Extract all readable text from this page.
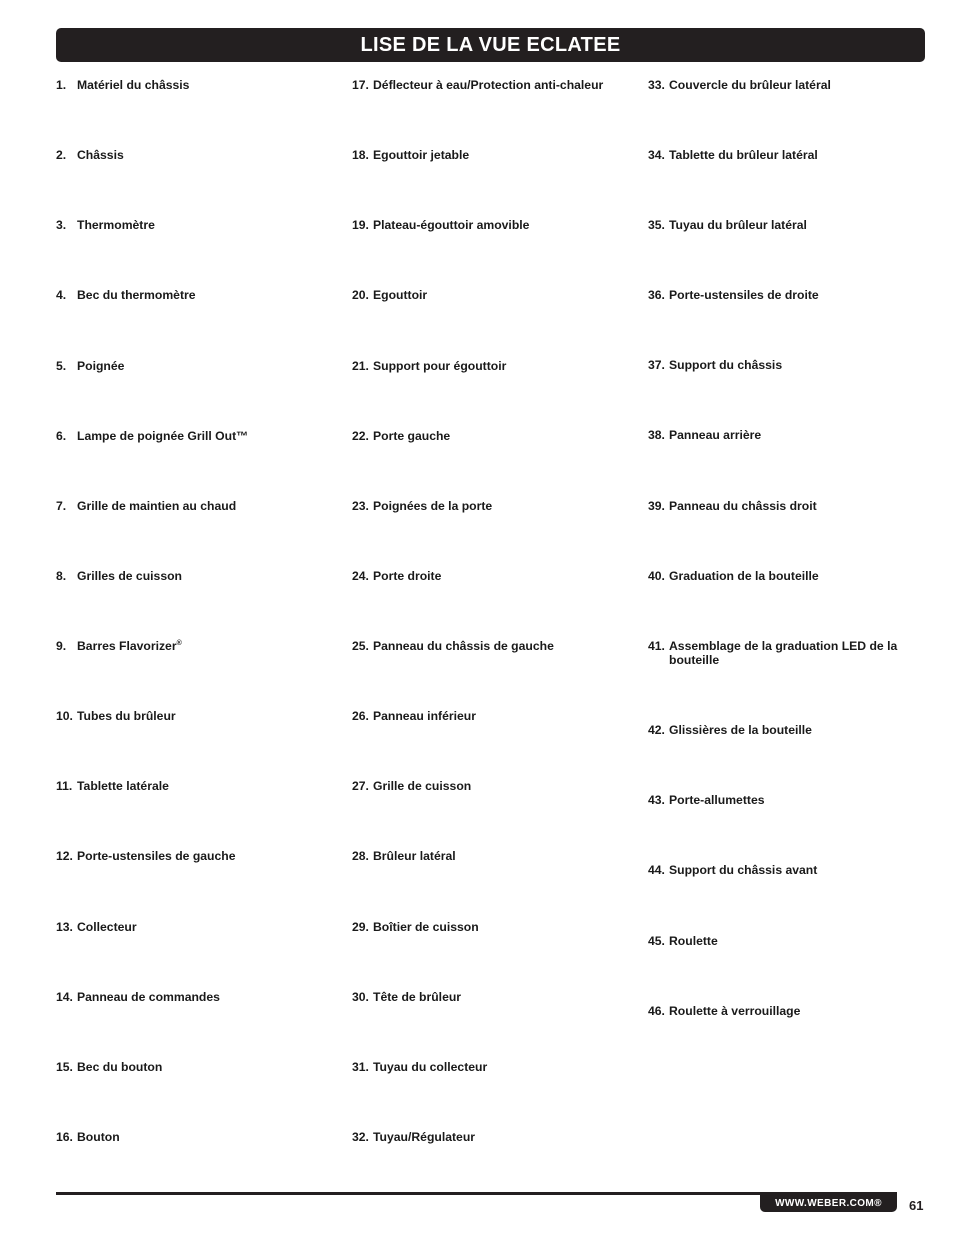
LISE DE LA VUE ECLATEE
1. Matériel du châssis
2. Châssis
3. Thermomètre
4. Bec du thermomètre
5. Poignée
6. Lampe de poignée Grill Out™
7. Grille de maintien au chaud
8. Grilles de cuisson
9. Barres Flavorizer®
10. Tubes du brûleur
11. Tablette latérale
12. Porte-ustensiles de gauche
13. Collecteur
14. Panneau de commandes
15. Bec du bouton
16. Bouton
17. Déflecteur à eau/Protection anti-chaleur
18. Egouttoir jetable
19. Plateau-égouttoir amovible
20. Egouttoir
21. Support pour égouttoir
22. Porte gauche
23. Poignées de la porte
24. Porte droite
25. Panneau du châssis de gauche
26. Panneau inférieur
27. Grille de cuisson
28. Brûleur latéral
29. Boîtier de cuisson
30. Tête de brûleur
31. Tuyau du collecteur
32. Tuyau/Régulateur
33. Couvercle du brûleur latéral
34. Tablette du brûleur latéral
35. Tuyau du brûleur latéral
36. Porte-ustensiles de droite
37. Support du châssis
38. Panneau arrière
39. Panneau du châssis droit
40. Graduation de la bouteille
41. Assemblage de la graduation LED de la bouteille
42. Glissières de la bouteille
43. Porte-allumettes
44. Support du châssis avant
45. Roulette
46. Roulette à verrouillage
WWW.WEBER.COM® 61
